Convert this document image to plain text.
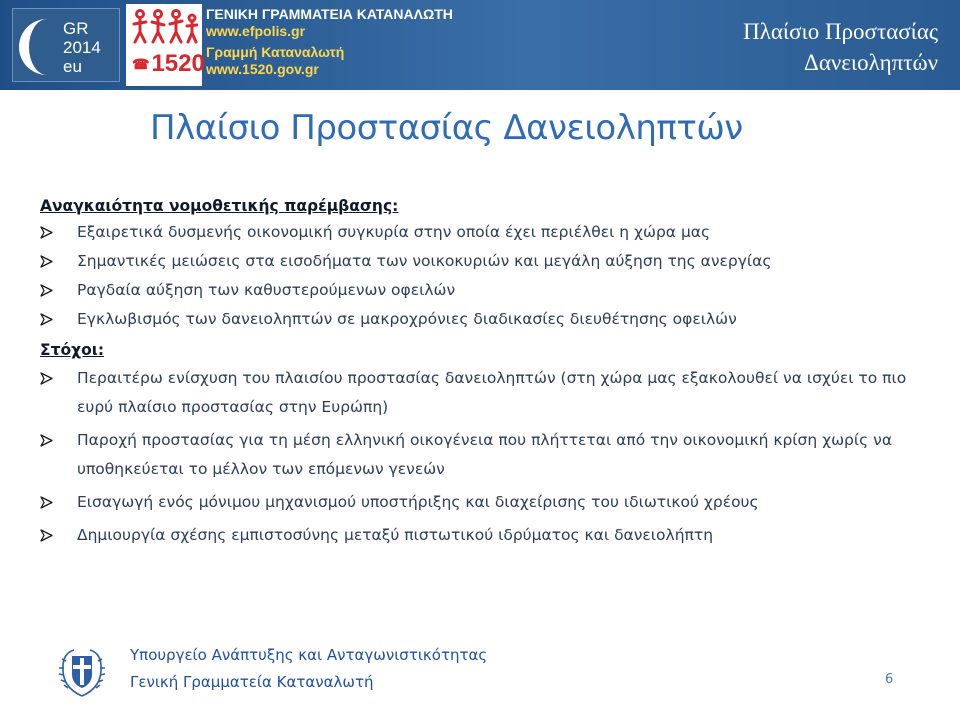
GR
2014
eu	☎ 1520
ΓΕΝΙΚΗ ΓΡΑΜΜΑΤΕΙΑ ΚΑΤΑΝΑΛΩΤΗ
www.efpolis.gr
Γραμμή Καταναλωτή
www.1520.gov.gr
Πλαίσιο Προστασίας
Δανειοληπτών
Πλαίσιο Προστασίας Δανειοληπτών
Αναγκαιότητα νομοθετικής παρέμβασης:
Εξαιρετικά δυσμενής οικονομική συγκυρία στην οποία έχει περιέλθει η χώρα μας
Σημαντικές μειώσεις στα εισοδήματα των νοικοκυριών και μεγάλη αύξηση της ανεργίας
Ραγδαία αύξηση των καθυστερούμενων οφειλών
Εγκλωβισμός των δανειοληπτών σε μακροχρόνιες διαδικασίες διευθέτησης οφειλών
Στόχοι:
Περαιτέρω ενίσχυση του πλαισίου προστασίας δανειοληπτών (στη χώρα μας εξακολουθεί να ισχύει το πιο ευρύ πλαίσιο προστασίας στην Ευρώπη)
Παροχή προστασίας για τη μέση ελληνική οικογένεια που πλήττεται από την οικονομική κρίση χωρίς να υποθηκεύεται το μέλλον των επόμενων γενεών
Εισαγωγή ενός μόνιμου μηχανισμού υποστήριξης και διαχείρισης του ιδιωτικού χρέους
Δημιουργία σχέσης εμπιστοσύνης μεταξύ πιστωτικού ιδρύματος και δανειολήπτη
Υπουργείο Ανάπτυξης και Ανταγωνιστικότητας
Γενική Γραμματεία Καταναλωτή	6
